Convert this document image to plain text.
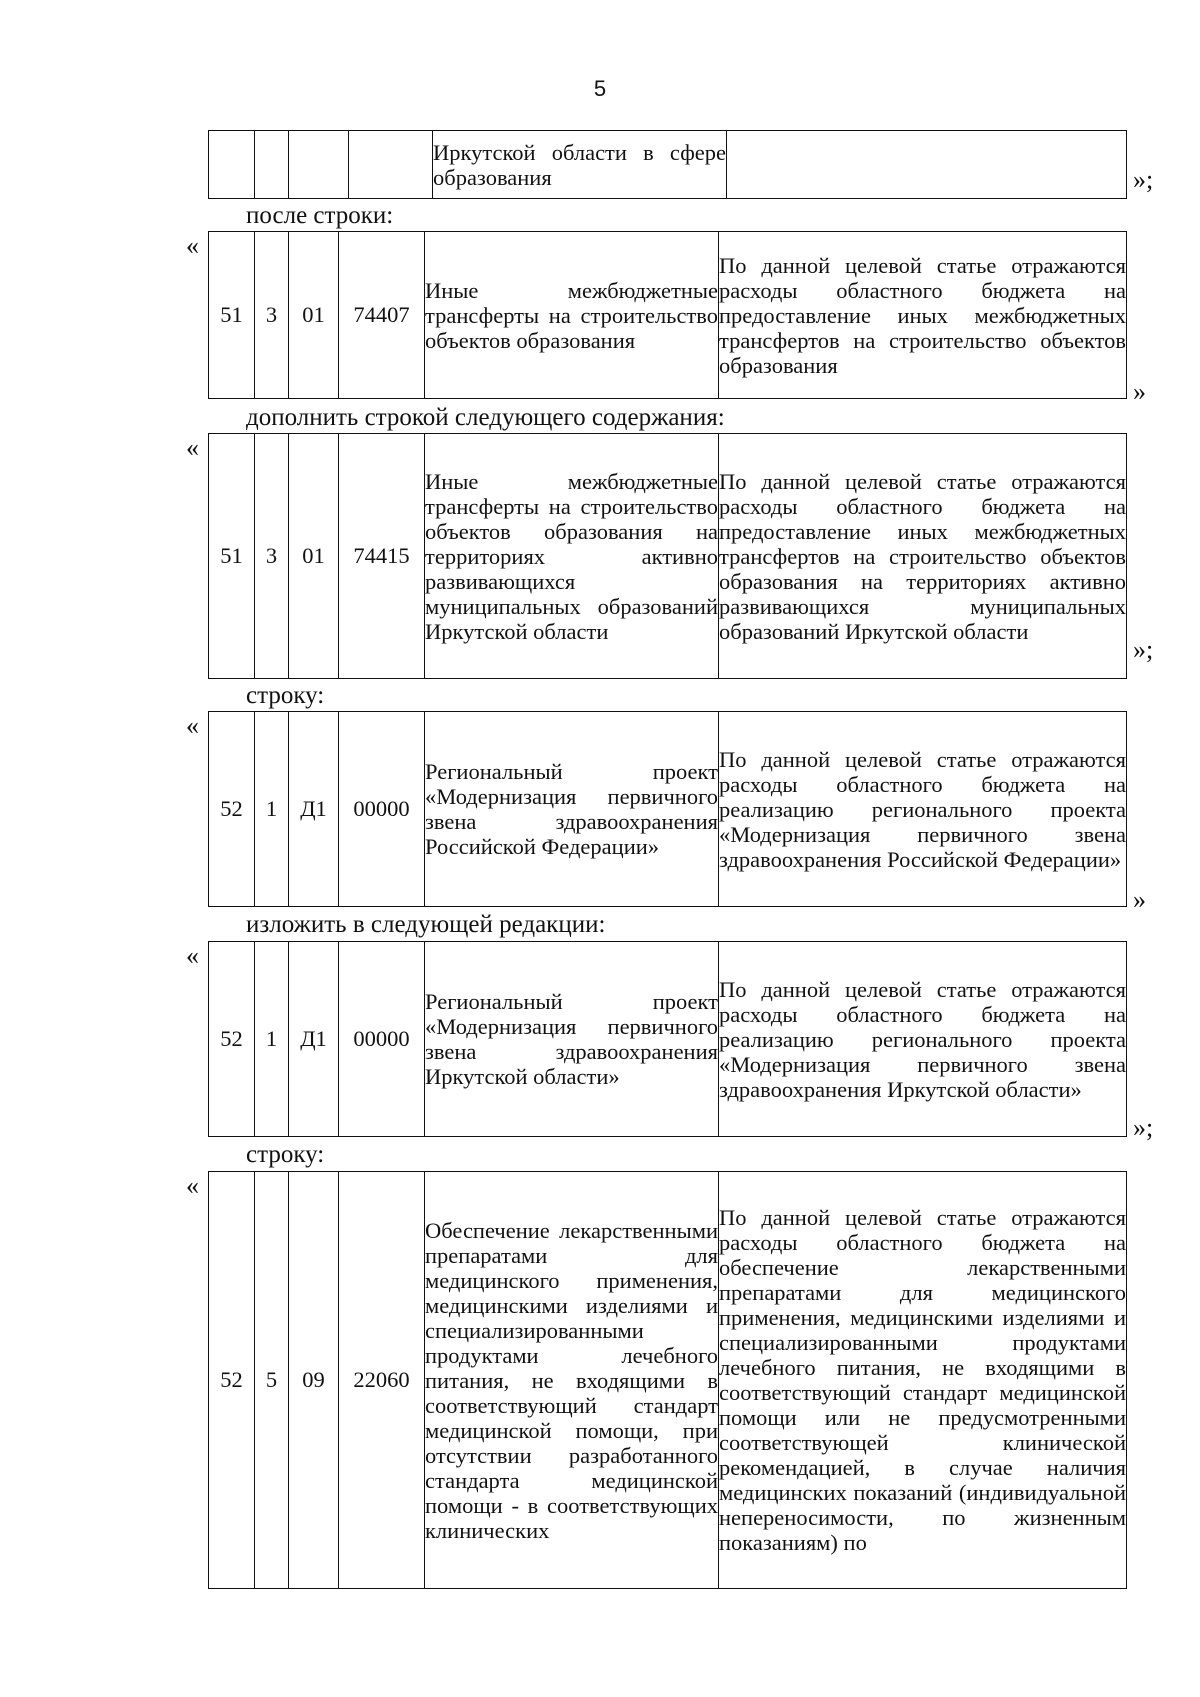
5
				Иркутской области в сфере образования		»;
после строки:
«
51	3	01	74407	Иные межбюджетные трансферты на строительство объектов образования	По данной целевой статье отражаются расходы областного бюджета на предоставление иных межбюджетных трансфертов на строительство объектов образования
»
дополнить строкой следующего содержания:
«
51	3	01	74415	Иные межбюджетные трансферты на строительство объектов образования на территориях активно развивающихся муниципальных образований Иркутской области	По данной целевой статье отражаются расходы областного бюджета на предоставление иных межбюджетных трансфертов на строительство объектов образования на территориях активно развивающихся муниципальных образований Иркутской области
»;
строку:
«
52	1	Д1	00000	Региональный проект «Модернизация первичного звена здравоохранения Российской Федерации»	По данной целевой статье отражаются расходы областного бюджета на реализацию регионального проекта «Модернизация первичного звена здравоохранения Российской Федерации»
»
изложить в следующей редакции:
«
52	1	Д1	00000	Региональный проект «Модернизация первичного звена здравоохранения Иркутской области»	По данной целевой статье отражаются расходы областного бюджета на реализацию регионального проекта «Модернизация первичного звена здравоохранения Иркутской области»
»;
строку:
«
52	5	09	22060	Обеспечение лекарственными препаратами для медицинского применения, медицинскими изделиями и специализированными продуктами лечебного питания, не входящими в соответствующий стандарт медицинской помощи, при отсутствии разработанного стандарта медицинской помощи - в соответствующих клинических	По данной целевой статье отражаются расходы областного бюджета на обеспечение лекарственными препаратами для медицинского применения, медицинскими изделиями и специализированными продуктами лечебного питания, не входящими в соответствующий стандарт медицинской помощи или не предусмотренными соответствующей клинической рекомендацией, в случае наличия медицинских показаний (индивидуальной непереносимости, по жизненным показаниям) по
